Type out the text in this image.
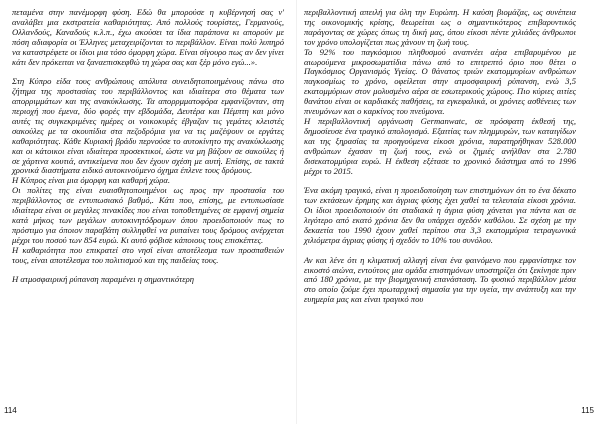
πεταμένα στην πανέμορφη φύση. Εδώ θα μπορούσε η κυβέρνησή σας ν' αναλάβει μια εκστρατεία καθαριότητας. Από πολλούς τουρίστες, Γερμανούς, Ολλανδούς, Καναδούς κ.λ.π., έχω ακούσει τα ίδια παράπονα κι απορούν με πόση αδιαφορία οι Έλληνες μεταχειρίζονται το περιβάλλον. Είναι πολύ λυπηρό να καταστρέφετε οι ίδιοι μια τόσο όμορφη χώρα. Είναι σίγουρο πως αν δεν γίνει κάτι δεν πρόκειται να ξαναεπισκεφθώ τη χώρα σας και ξέρ μόνο εγώ...».

Στη Κύπρο είδα τους ανθρώπους απόλυτα συνειδητοποιημένους πάνω στο ζήτημα της προστασίας του περιβάλλοντος και ιδιαίτερα στο θέματα των απορριμμάτων και της ανακύκλωσης. Τα απορρμματοφόρα εμφανίζονταν, στη περιοχή που έμενα, δύο φορές την εβδομάδα, Δευτέρα και Πέμπτη και μόνο αυτές τις συγκεκριμένες ημέρες οι νοικοκυρές έβγαζαν τις γεμάτες κλειστές σακούλες με τα σκουπίδια στα πεζοδρόμια για να τις μαζέψουν οι εργάτες καθαριότητας. Κάθε Κυριακή βράδυ περνούσε το αυτοκίνητο της ανακύκλωσης και οι κάτοικοι είναι ιδιαίτερα προσεκτικοί, ώστε να μη βάζουν σε σακούλες ή σε χάρτινα κουτιά, αντικείμενα που δεν έχουν σχέση με αυτή. Επίσης, σε τακτά χρονικά διαστήματα ειδικό αυτοκινούμενο όχημα έπλενε τους δρόμους.

Η Κύπρος είναι μια όμορφη και καθαρή χώρα.

Οι πολίτες της είναι ευαισθητοποιημένοι ως προς την προστασία του περιβάλλοντος σε εντυπωσιακό βαθμό,. Κάτι που, επίσης, με εντυπωσίασε ιδιαίτερα είναι οι μεγάλες πινακίδες που είναι τοποθετημένες σε εμφανή σημεία κατά μήκος των μεγάλων αυτοκινητόδρομων όπου προειδοποιούν πως το πρόστιμο για όποιον παραβάτη συλληφθεί να ρυπαίνει τους δρόμους ανέρχεται μέχρι του ποσού των 854 ευρώ. Κι αυτό φόβισε κάποιους τους επισκέπτες.

Η καθαριότητα που επικρατεί στο νησί είναι αποτέλεσμα των προσπαθειών τους, είναι αποτέλεσμα του πολιτισμού και της παιδείας τους.

Η ατμοσφαιρική ρύπανση παραμένει η σημαντικότερη

περιβαλλοντική απειλή για όλη την Ευρώπη. Η καύση βιομάζας, ως συνέπεια της οικονομικής κρίσης, θεωρείται ως ο σημαντικότερος επιβαρυντικός παράγοντας σε χώρες όπως τη δική μας, όπου είκοσι πέντε χιλιάδες άνθρωποι τον χρόνο υπολογίζεται πως χάνουν τη ζωή τους.

Το 92% του παγκόσμιου πληθυσμού αναπνέει αέρα επιβαρυμένου με αιωρούμενα μικροσωματίδια πάνω από το επιτρεπτό όριο που θέτει ο Παγκόσμιος Οργανισμός Υγείας. Ο θάνατος τριών εκατομμυρίων ανθρώπων παγκοσμίως το χρόνο, οφείλεται στην ατμοσφαιρική ρύπανση, ενώ 3,5 εκατομμύριων στον μολυσμένο αέρα σε εσωτερικούς χώρους. Πιο κύριες αιτίες θανάτου είναι οι καρδιακές παθήσεις, τα εγκεφαλικά, οι χρόνιες ασθένειες των πνευμόνων και ο καρκίνος του πνεύμονα.

Η περιβαλλοντική οργάνωση Germanwatc, σε πρόσφατη έκθεσή της, δημοσίευσε ένα τραγικό απολογισμό. Εξαιτίας των πλημμυρών, των καταιγίδων και της ξηρασίας τα προηγούμενα είκοσι χρόνια, παρατηρήθηκαν 528.000 ανθρώπων έχασαν τη ζωή τους, ενώ οι ζημιές ανήλθαν στα 2.780 δισεκατομμύρια ευρώ. Η έκθεση εξέτασε το χρονικό διάστημα από το 1996 μέχρι το 2015.

Ένα ακόμη τραγικό, είναι η προειδοποίηση των επιστημόνων ότι το ένα δέκατο των εκτάσεων έρημης και άγριας φύσης έχει χαθεί τα τελευταία είκοσι χρόνια. Οι ίδιοι προειδοποιούν ότι σταδιακά η άγρια φύση χάνεται για πάντα και σε λιγότερο από εκατό χρόνια δεν θα υπάρχει σχεδόν καθόλου. Σε σχέση με την δεκαετία του 1990 έχουν χαθεί περίπου στα 3,3 εκατομμύρια τετραγωνικά χιλιόμετρα άγριας φύσης ή σχεδόν το 10% του συνόλου.

Αν και λένε ότι η κλιματική αλλαγή είναι ένα φαινόμενο που εμφανίστηκε τον εικοστό αιώνα, εντούτοις μια ομάδα επιστημόνων υποστηρίζει ότι ξεκίνησε πριν από 180 χρόνια, με την βιομηχανική επανάσταση. Το φυσικό περιβάλλον μέσα στο οποίο ζούμε έχει πρωταρχική σημασία για την υγεία, την ανάπτυξη και την ευημερία μας και είναι τραγικό που

114	115
